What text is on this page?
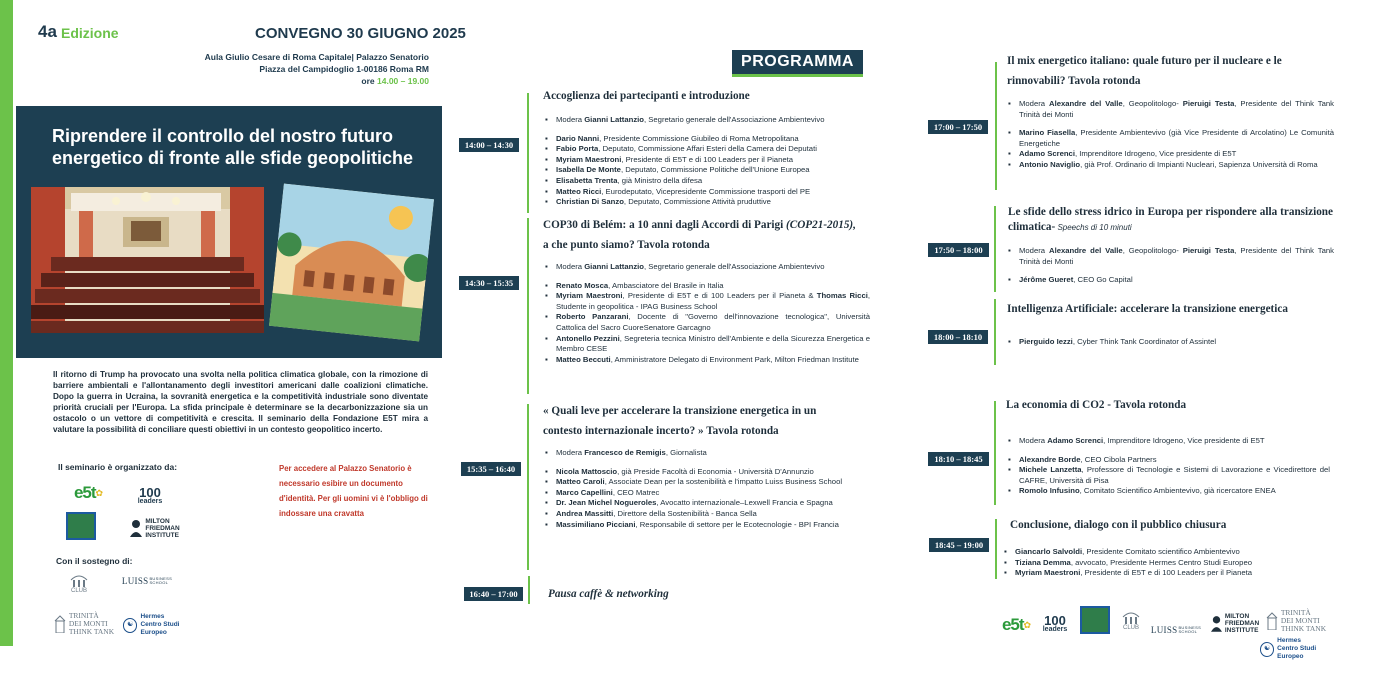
4a Edizione	CONVEGNO 30 GIUGNO 2025
Aula Giulio Cesare di Roma Capitale| Palazzo Senatorio
Piazza del Campidoglio 1-00186 Roma RM
ore 14.00 – 19.00
Riprendere il controllo del nostro futuro energetico di fronte alle sfide geopolitiche
Il ritorno di Trump ha provocato una svolta nella politica climatica globale, con la rimozione di barriere ambientali e l'allontanamento degli investitori americani dalle coalizioni climatiche. Dopo la guerra in Ucraina, la sovranità energetica e la competitività industriale sono diventate priorità cruciali per l'Europa. La sfida principale è determinare se la decarbonizzazione sia un ostacolo o un vettore di competitività e crescita. Il seminario della Fondazione E5T mira a valutare la possibilità di conciliare questi obiettivi in un contesto geopolitico incerto.
Il seminario è organizzato da:	Per accedere al Palazzo Senatorio è necessario esibire un documento d'identità. Per gli uomini vi è l'obbligo di indossare una cravatta
e5t ✿	100
leaders
MILTON
FRIEDMAN
INSTITUTE
Con il sostegno di:
CLUB
LUISS BUSINESS
SCHOOL
TRINITÀ
DEI MONTI
THINK TANK
☯
Hermes
Centro Studi Europeo
PROGRAMMA
14:00 – 14:30
Accoglienza dei partecipanti e introduzione
▪ Modera Gianni Lattanzio, Segretario generale dell'Associazione Ambientevivo
▪ Dario Nanni, Presidente Commissione Giubileo di Roma Metropolitana
▪ Fabio Porta, Deputato, Commissione Affari Esteri della Camera dei Deputati
▪ Myriam Maestroni, Presidente di E5T e di 100 Leaders per il Pianeta
▪ Isabella De Monte, Deputato, Commissione Politiche dell'Unione Europea
▪ Elisabetta Trenta, già Ministro della difesa
▪ Matteo Ricci, Eurodeputato, Vicepresidente Commissione trasporti del PE
▪ Christian Di Sanzo, Deputato, Commissione Attività pruduttive
14:30 – 15:35
COP30 di Belém: a 10 anni dagli Accordi di Parigi (COP21-2015),
a che punto siamo? Tavola rotonda
▪ Modera Gianni Lattanzio, Segretario generale dell'Associazione Ambientevivo
▪ Renato Mosca, Ambasciatore del Brasile in Italia
▪ Myriam Maestroni, Presidente di E5T e di 100 Leaders per il Pianeta & Thomas Ricci, Studente in geopolitica - IPAG Business School
▪ Roberto Panzarani, Docente di "Governo dell'innovazione tecnologica", Università Cattolica del Sacro CuoreSenatore Garcagno
▪ Antonello Pezzini, Segreteria tecnica Ministro dell'Ambiente e della Sicurezza Energetica e Membro CESE
▪ Matteo Beccuti, Amministratore Delegato di Environment Park, Milton Friedman Institute
15:35 – 16:40
« Quali leve per accelerare la transizione energetica in un
contesto internazionale incerto? » Tavola rotonda
▪ Modera Francesco de Remigis, Giornalista
▪ Nicola Mattoscio, già Preside Facoltà di Economia - Università D'Annunzio
▪ Matteo Caroli, Associate Dean per la sostenibilità e l'impatto Luiss Business School
▪ Marco Capellini, CEO Matrec
▪ Dr. Jean Michel Nogueroles, Avocatto internazionale–Lexwell Francia e Spagna
▪ Andrea Massitti, Direttore della Sostenibilità - Banca Sella
▪ Massimiliano Picciani, Responsabile di settore per le Ecotecnologie - BPI Francia
16:40 – 17:00	Pausa caffè & networking
17:00 – 17:50
Il mix energetico italiano: quale futuro per il nucleare e le
rinnovabili? Tavola rotonda
▪ Modera Alexandre del Valle, Geopolitologo- Pieruigi Testa, Presidente del Think Tank Trinità dei Monti
▪ Marino Fiasella, Presidente Ambientevivo (già Vice Presidente di Arcolatino) Le Comunità Energetiche
▪ Adamo Screnci, Imprenditore Idrogeno, Vice presidente di E5T
▪ Antonio Naviglio, già Prof. Ordinario di Impianti Nucleari, Sapienza Università di Roma
17:50 – 18:00
Le sfide dello stress idrico in Europa per rispondere alla transizione climatica- Speechs di 10 minuti
▪ Modera Alexandre del Valle, Geopolitologo- Pieruigi Testa, Presidente del Think Tank Trinità dei Monti
▪ Jérôme Gueret, CEO Go Capital
18:00 – 18:10
Intelligenza Artificiale: accelerare la transizione energetica
▪ Pierguido Iezzi, Cyber Think Tank Coordinator of Assintel
18:10 – 18:45
La economia di CO2 - Tavola rotonda
▪ Modera Adamo Screnci, Imprenditore Idrogeno, Vice presidente di E5T
▪ Alexandre Borde, CEO Cibola Partners
▪ Michele Lanzetta, Professore di Tecnologie e Sistemi di Lavorazione e Vicedirettore del CAFRE, Università di Pisa
▪ Romolo Infusino, Comitato Scientifico Ambientevivo, già ricercatore ENEA
18:45 – 19:00
Conclusione, dialogo con il pubblico chiusura
▪ Giancarlo Salvoldi, Presidente Comitato scientifico Ambientevivo
▪ Tiziana Demma, avvocato, Presidente Hermes Centro Studi Europeo
▪ Myriam Maestroni, Presidente di E5T e di 100 Leaders per il Pianeta
e5t ✿ 100
leaders	CLUB LUISS BUSINESS
SCHOOL
MILTON
FRIEDMAN
INSTITUTE
TRINITÀ
DEI MONTI
THINK TANK
☯
Hermes
Centro Studi Europeo
